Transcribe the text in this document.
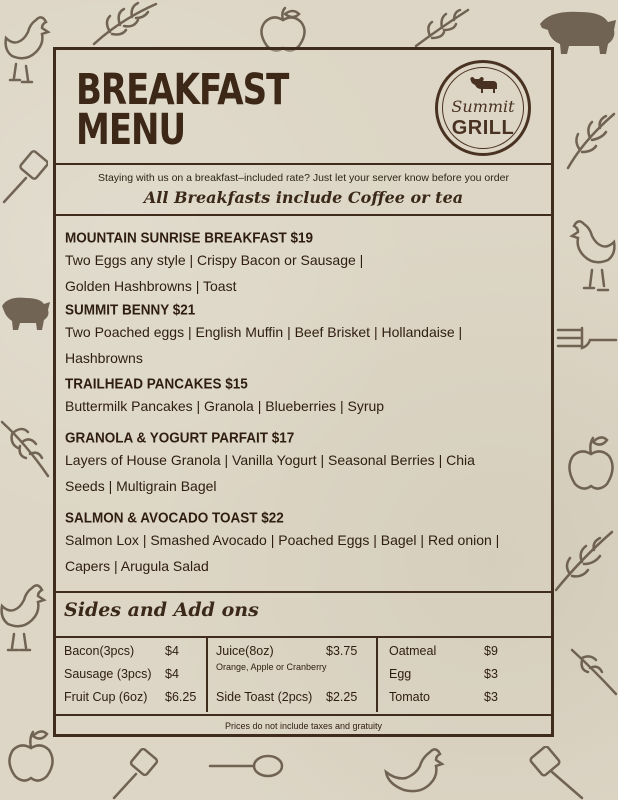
BREAKFAST
MENU	Summit
GRILL
Staying with us on a breakfast–included rate? Just let your server know before you order
All Breakfasts include Coffee or tea
MOUNTAIN SUNRISE BREAKFAST $19
Two Eggs any style | Crispy Bacon or Sausage |
Golden Hashbrowns | Toast
SUMMIT BENNY $21
Two Poached eggs | English Muffin | Beef Brisket | Hollandaise |
Hashbrowns
TRAILHEAD PANCAKES $15
Buttermilk Pancakes | Granola | Blueberries | Syrup
GRANOLA & YOGURT PARFAIT $17
Layers of House Granola | Vanilla Yogurt | Seasonal Berries | Chia
Seeds | Multigrain Bagel
SALMON & AVOCADO TOAST $22
Salmon Lox | Smashed Avocado | Poached Eggs | Bagel | Red onion |
Capers | Arugula Salad
Sides and Add ons
Bacon(3pcs) $4
Sausage (3pcs) $4
Fruit Cup (6oz) $6.25
Juice(8oz)	$3.75
Orange, Apple or Cranberry
Side Toast (2pcs) $2.25
Oatmeal	$9
Egg	$3
Tomato	$3
Prices do not include taxes and gratuity
